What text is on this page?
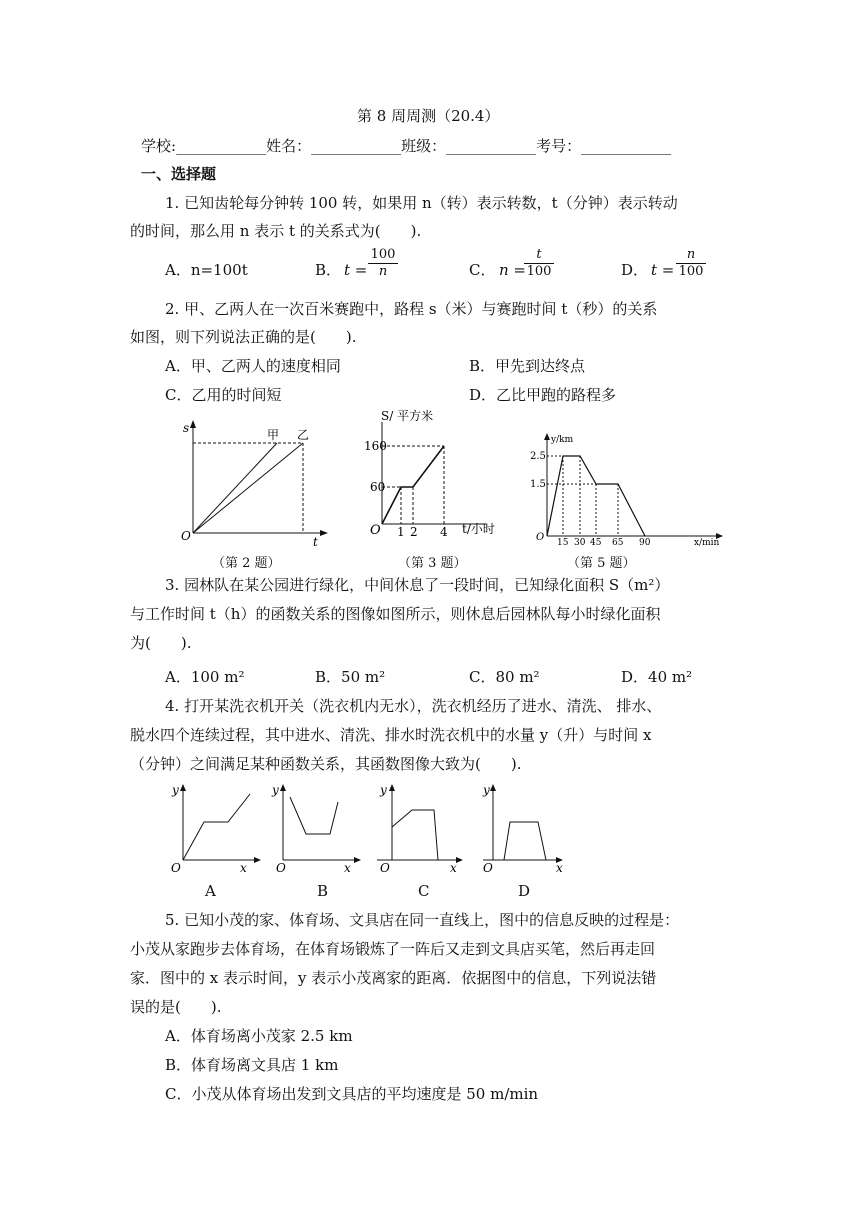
第 8 周周测（20.4）
学校:____________姓名：____________班级：____________考号：____________
一、选择题
1. 已知齿轮每分钟转 100 转，如果用 n（转）表示转数，t（分钟）表示转动
的时间，那么用 n 表示 t 的关系式为(　　).
A．n=100t	B． t =
100
n	C． n =
t
100	D． t =
n
100
2. 甲、乙两人在一次百米赛跑中，路程 s（米）与赛跑时间 t（秒）的关系
如图，则下列说法正确的是(　　).
A．甲、乙两人的速度相同	B．甲先到达终点
C．乙用的时间短	D．乙比甲跑的路程多
s
t
O
甲 乙
（第 2 题）
S/ 平方米
t/小时
O
160
60
1 2 4
（第 3 题）
y/km
x/min
O
2.5
1.5
15 30 45 65 90
（第 5 题）
3. 园林队在某公园进行绿化，中间休息了一段时间，已知绿化面积 S（m²）
与工作时间 t（h）的函数关系的图像如图所示，则休息后园林队每小时绿化面积
为(　　).
A．100 m²	B．50 m²	C．80 m²	D．40 m²
4. 打开某洗衣机开关（洗衣机内无水），洗衣机经历了进水、清洗、 排水、
脱水四个连续过程，其中进水、清洗、排水时洗衣机中的水量 y（升）与时间 x
（分钟）之间满足某种函数关系，其函数图像大致为(　　).
y
x
O
y
x
O
y
x
O
y
x
O
A	B	C	D
5. 已知小茂的家、体育场、文具店在同一直线上，图中的信息反映的过程是：
小茂从家跑步去体育场，在体育场锻炼了一阵后又走到文具店买笔，然后再走回
家．图中的 x 表示时间，y 表示小茂离家的距离．依据图中的信息，下列说法错
误的是(　　).
A．体育场离小茂家 2.5 km
B．体育场离文具店 1 km
C．小茂从体育场出发到文具店的平均速度是 50 m/min
